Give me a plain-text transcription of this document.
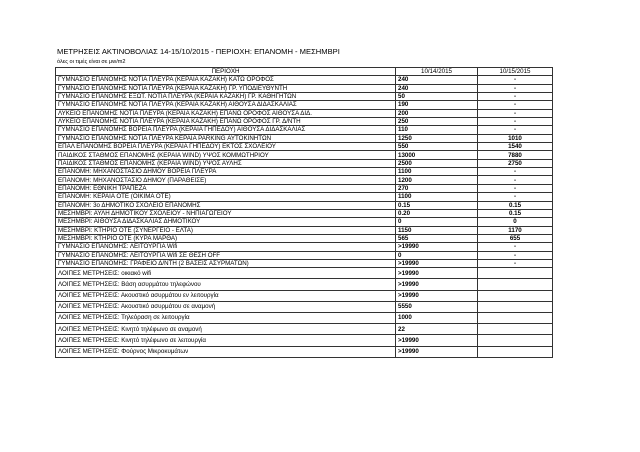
ΜΕΤΡΗΣΕΙΣ ΑΚΤΙΝΟΒΟΛΙΑΣ 14-15/10/2015 - ΠΕΡΙΟΧΗ: ΕΠΑΝΟΜΗ - ΜΕΣΗΜΒΡΙ
όλες οι τιμές είναι σε μw/m2
ΠΕΡΙΟΧΗ	10/14/2015	10/15/2015
ΓΥΜΝΑΣΙΟ ΕΠΑΝΟΜΗΣ ΝΟΤΙΑ ΠΛΕΥΡΑ (ΚΕΡΑΙΑ ΚΑΖΑΚΗ) ΚΑΤΩ ΟΡΟΦΟΣ	240	-
ΓΥΜΝΑΣΙΟ ΕΠΑΝΟΜΗΣ ΝΟΤΙΑ ΠΛΕΥΡΑ (ΚΕΡΑΙΑ ΚΑΖΑΚΗ) ΓΡ. ΥΠΟΔΙΕΥΘΥΝΤΗ	240	-
ΓΥΜΝΑΣΙΟ ΕΠΑΝΟΜΗΣ ΕΞΩΤ. ΝΟΤΙΑ ΠΛΕΥΡΑ (ΚΕΡΑΙΑ ΚΑΖΑΚΗ) ΓΡ. ΚΑΘΗΓΗΤΩΝ	50	-
ΓΥΜΝΑΣΙΟ ΕΠΑΝΟΜΗΣ ΝΟΤΙΑ ΠΛΕΥΡΑ (ΚΕΡΑΙΑ ΚΑΖΑΚΗ) ΑΙΘΟΥΣΑ ΔΙΔΑΣΚΑΛΙΑΣ	190	-
ΛΥΚΕΙΟ ΕΠΑΝΟΜΗΣ ΝΟΤΙΑ ΠΛΕΥΡΑ (ΚΕΡΑΙΑ ΚΑΖΑΚΗ) ΕΠΑΝΩ ΟΡΟΦΟΣ ΑΙΘΟΥΣΑ ΔΙΔ.	200	-
ΛΥΚΕΙΟ ΕΠΑΝΟΜΗΣ ΝΟΤΙΑ ΠΛΕΥΡΑ (ΚΕΡΑΙΑ ΚΑΖΑΚΗ) ΕΠΑΝΩ ΟΡΟΦΟΣ ΓΡ. Δ/ΝΤΗ	250	-
ΓΥΜΝΑΣΙΟ ΕΠΑΝΟΜΗΣ ΒΟΡΕΙΑ ΠΛΕΥΡΑ (ΚΕΡΑΙΑ ΓΗΠΕΔΟΥ) ΑΙΘΟΥΣΑ ΔΙΔΑΣΚΑΛΙΑΣ	110	-
ΓΥΜΝΑΣΙΟ ΕΠΑΝΟΜΗΣ ΝΟΤΙΑ ΠΛΕΥΡΑ ΚΕΡΑΙΑ PARKING ΑΥΤΟΚΙΝΗΤΩΝ	1250	1010
ΕΠΑΛ ΕΠΑΝΟΜΗΣ ΒΟΡΕΙΑ ΠΛΕΥΡΑ (ΚΕΡΑΙΑ ΓΗΠΕΔΟΥ) ΕΚΤΟΣ ΣΧΟΛΕΙΟΥ	550	1540
ΠΑΙΔΙΚΟΣ ΣΤΑΘΜΟΣ ΕΠΑΝΟΜΗΣ (ΚΕΡΑΙΑ WIND) ΥΨΟΣ ΚΟΜΜΩΤΗΡΙΟΥ	13000	7880
ΠΑΙΔΙΚΟΣ ΣΤΑΘΜΟΣ ΕΠΑΝΟΜΗΣ (ΚΕΡΑΙΑ WIND) ΥΨΟΣ ΑΥΛΗΣ	2500	2750
ΕΠΑΝΟΜΗ: ΜΗΧΑΝΟΣΤΑΣΙΟ ΔΗΜΟΥ ΒΟΡΕΙΑ ΠΛΕΥΡΑ	1100	-
ΕΠΑΝΟΜΗ: ΜΗΧΑΝΟΣΤΑΣΙΟ ΔΗΜΟΥ (ΠΑΡΑΘΕΙΣΕ)	1200	-
ΕΠΑΝΟΜΗ: ΕΘΝΙΚΗ ΤΡΑΠΕΖΑ	270	-
ΕΠΑΝΟΜΗ: ΚΕΡΑΙΑ ΟΤΕ (ΟΙΚΙΜΑ ΟΤΕ)	1100	-
ΕΠΑΝΟΜΗ: 3ο ΔΗΜΟΤΙΚΟ ΣΧΟΛΕΙΟ ΕΠΑΝΟΜΗΣ	0.15	0.15
ΜΕΣΗΜΒΡΙ: ΑΥΛΗ ΔΗΜΟΤΙΚΟΥ ΣΧΟΛΕΙΟΥ - ΝΗΠΙΑΓΩΓΕΙΟΥ	0.20	0.15
ΜΕΣΗΜΒΡΙ: ΑΙΘΟΥΣΑ ΔΙΔΑΣΚΑΛΙΑΣ ΔΗΜΟΤΙΚΟΥ	0	0
ΜΕΣΗΜΒΡΙ: ΚΤΗΡΙΟ ΟΤΕ (ΣΥΝΕΡΓΕΙΟ - ΕΛΤΑ)	1150	1170
ΜΕΣΗΜΒΡΙ: ΚΤΗΡΙΟ ΟΤΕ (ΚΥΡΑ ΜΑΡΘΑ)	565	655
ΓΥΜΝΑΣΙΟ ΕΠΑΝΟΜΗΣ: ΛΕΙΤΟΥΡΓΙΑ Wifi	>19990	-
ΓΥΜΝΑΣΙΟ ΕΠΑΝΟΜΗΣ: ΛΕΙΤΟΥΡΓΙΑ Wifi ΣΕ ΘΕΣΗ OFF	0	-
ΓΥΜΝΑΣΙΟ ΕΠΑΝΟΜΗΣ: ΓΡΑΦΕΙΟ Δ/ΝΤΗ (2 ΒΑΣΕΙΣ ΑΣΥΡΜΑΤΩΝ)	>19990	-
ΛΟΙΠΕΣ ΜΕΤΡΗΣΕΙΣ: οικιακό wifi	>19990	
ΛΟΙΠΕΣ ΜΕΤΡΗΣΕΙΣ: Βάση ασυρμάτου τηλεφώνου	>19990	
ΛΟΙΠΕΣ ΜΕΤΡΗΣΕΙΣ: Ακουστικό ασυρμάτου εν λειτουργία	>19990	
ΛΟΙΠΕΣ ΜΕΤΡΗΣΕΙΣ: Ακουστικό ασυρμάτου σε αναμονή	5550	
ΛΟΙΠΕΣ ΜΕΤΡΗΣΕΙΣ: Τηλεόραση σε λειτουργία	1000	
ΛΟΙΠΕΣ ΜΕΤΡΗΣΕΙΣ: Κινητό τηλέφωνο σε αναμονή	22	
ΛΟΙΠΕΣ ΜΕΤΡΗΣΕΙΣ: Κινητό τηλέφωνο σε λειτουργία	>19990	
ΛΟΙΠΕΣ ΜΕΤΡΗΣΕΙΣ: Φούρνος Μικροκυμάτων	>19990	
